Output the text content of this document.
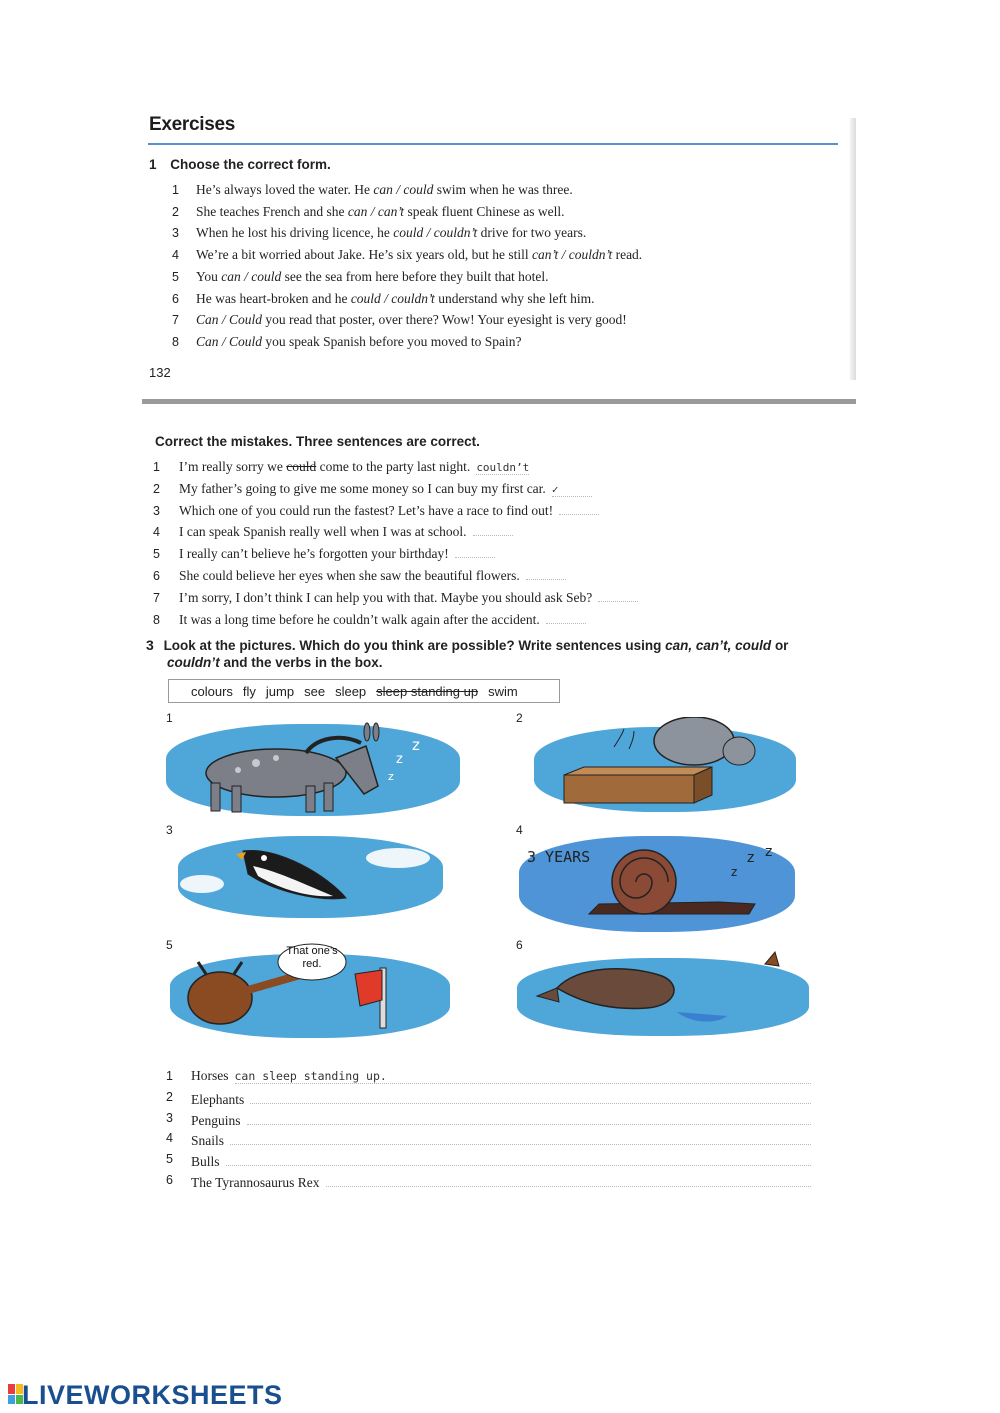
Exercises
1 Choose the correct form.
1 He’s always loved the water. He can / could swim when he was three.
2 She teaches French and she can / can’t speak fluent Chinese as well.
3 When he lost his driving licence, he could / couldn’t drive for two years.
4 We’re a bit worried about Jake. He’s six years old, but he still can’t / couldn’t read.
5 You can / could see the sea from here before they built that hotel.
6 He was heart-broken and he could / couldn’t understand why she left him.
7 Can / Could you read that poster, over there? Wow! Your eyesight is very good!
8 Can / Could you speak Spanish before you moved to Spain?
132
Correct the mistakes. Three sentences are correct.
1 I’m really sorry we could come to the party last night. couldn’t
2 My father’s going to give me some money so I can buy my first car. ✓
3 Which one of you could run the fastest? Let’s have a race to find out!
4 I can speak Spanish really well when I was at school.
5 I really can’t believe he’s forgotten your birthday!
6 She could believe her eyes when she saw the beautiful flowers.
7 I’m sorry, I don’t think I can help you with that. Maybe you should ask Seb?
8 It was a long time before he couldn’t walk again after the accident.
3 Look at the pictures. Which do you think are possible? Write sentences using can, can’t, could or
couldn’t and the verbs in the box.
colours fly jump see sleep sleep standing up swim
1	2
3	4
5	6
z
z
z
3 YEARS
z
z z
That one’s red.
1 Horses can sleep standing up.
2 Elephants
3 Penguins
4 Snails
5 Bulls
6 The Tyrannosaurus Rex
LIVEWORKSHEETS
